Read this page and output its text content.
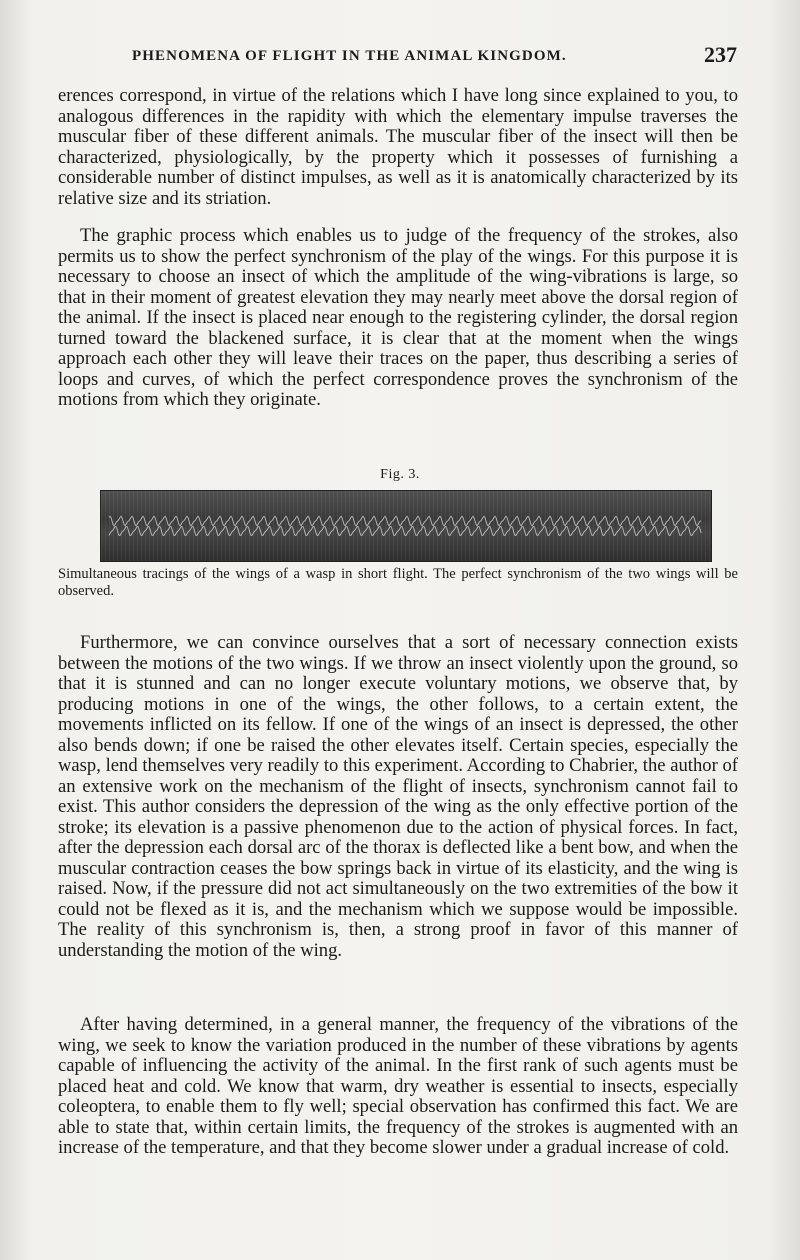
PHENOMENA OF FLIGHT IN THE ANIMAL KINGDOM.	237

erences correspond, in virtue of the relations which I have long since explained to you, to analogous differences in the rapidity with which the elementary impulse traverses the muscular fiber of these different animals. The muscular fiber of the insect will then be characterized, physiologically, by the property which it possesses of furnishing a considerable number of distinct impulses, as well as it is anatomically characterized by its relative size and its striation.

The graphic process which enables us to judge of the frequency of the strokes, also permits us to show the perfect synchronism of the play of the wings. For this purpose it is necessary to choose an insect of which the amplitude of the wing-vibrations is large, so that in their moment of greatest elevation they may nearly meet above the dorsal region of the animal. If the insect is placed near enough to the registering cylinder, the dorsal region turned toward the blackened surface, it is clear that at the moment when the wings approach each other they will leave their traces on the paper, thus describing a series of loops and curves, of which the perfect correspondence proves the synchronism of the motions from which they originate.

Fig. 3.

Simultaneous tracings of the wings of a wasp in short flight. The perfect synchronism of the two wings will be observed.

Furthermore, we can convince ourselves that a sort of necessary connection exists between the motions of the two wings. If we throw an insect violently upon the ground, so that it is stunned and can no longer execute voluntary motions, we observe that, by producing motions in one of the wings, the other follows, to a certain extent, the movements inflicted on its fellow. If one of the wings of an insect is depressed, the other also bends down; if one be raised the other elevates itself. Certain species, especially the wasp, lend themselves very readily to this experiment. According to Chabrier, the author of an extensive work on the mechanism of the flight of insects, synchronism cannot fail to exist. This author considers the depression of the wing as the only effective portion of the stroke; its elevation is a passive phenomenon due to the action of physical forces. In fact, after the depression each dorsal arc of the thorax is deflected like a bent bow, and when the muscular contraction ceases the bow springs back in virtue of its elasticity, and the wing is raised. Now, if the pressure did not act simultaneously on the two extremities of the bow it could not be flexed as it is, and the mechanism which we suppose would be impossible. The reality of this synchronism is, then, a strong proof in favor of this manner of understanding the motion of the wing.

After having determined, in a general manner, the frequency of the vibrations of the wing, we seek to know the variation produced in the number of these vibrations by agents capable of influencing the activity of the animal. In the first rank of such agents must be placed heat and cold. We know that warm, dry weather is essential to insects, especially coleoptera, to enable them to fly well; special observation has confirmed this fact. We are able to state that, within certain limits, the frequency of the strokes is augmented with an increase of the temperature, and that they become slower under a gradual increase of cold.
